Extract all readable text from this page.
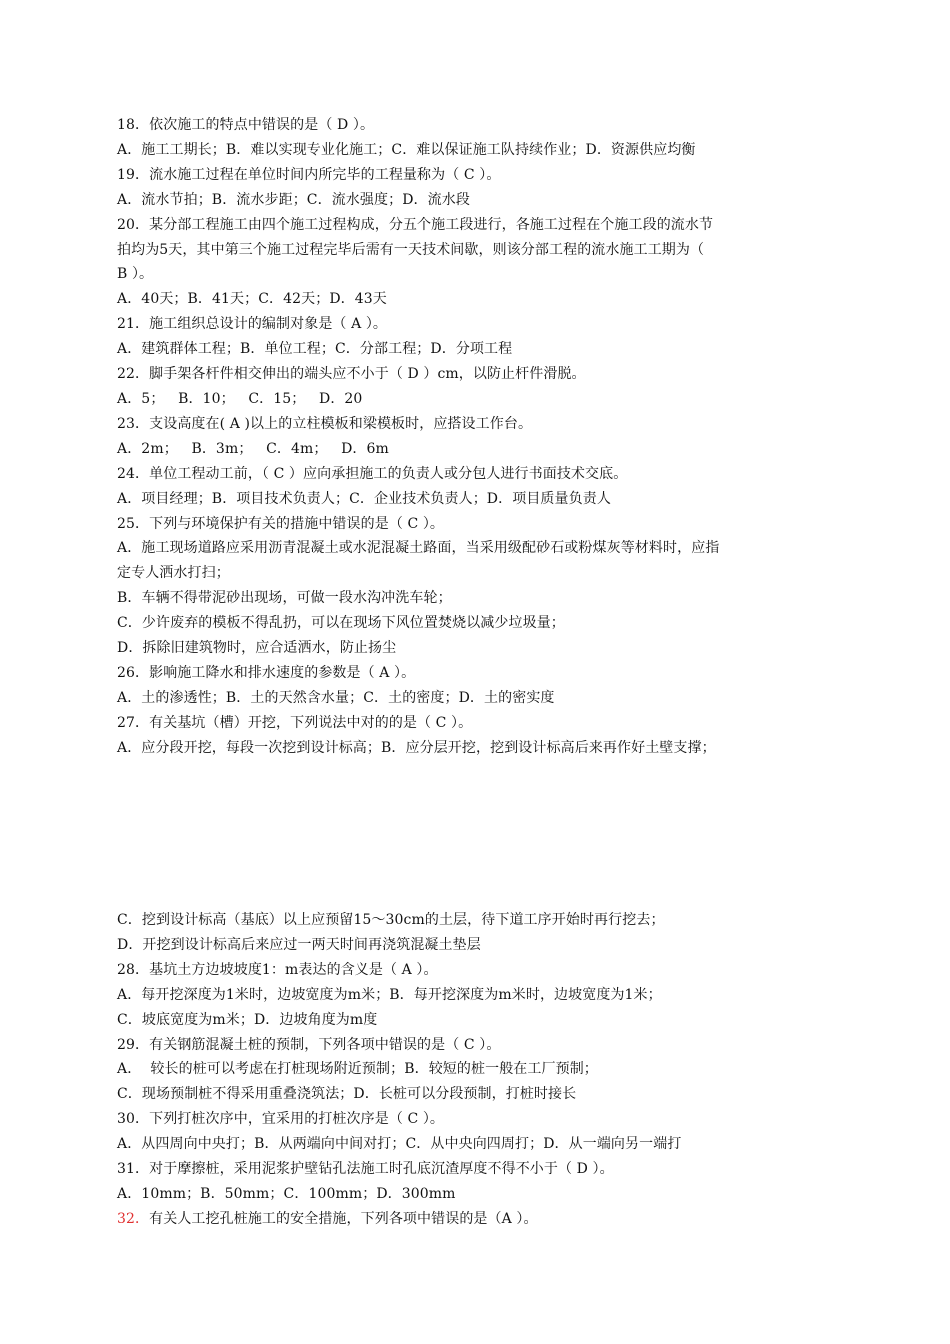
18．依次施工的特点中错误的是（ D ）。
A．施工工期长；B．难以实现专业化施工；C．难以保证施工队持续作业；D．资源供应均衡
19．流水施工过程在单位时间内所完毕的工程量称为（ C ）。
A．流水节拍；B．流水步距；C．流水强度；D．流水段
20．某分部工程施工由四个施工过程构成，分五个施工段进行，各施工过程在个施工段的流水节
拍均为5天，其中第三个施工过程完毕后需有一天技术间歇，则该分部工程的流水施工工期为（
B ）。
A．40天；B．41天；C．42天；D．43天
21．施工组织总设计的编制对象是（ A ）。
A．建筑群体工程；B．单位工程；C．分部工程；D．分项工程
22．脚手架各杆件相交伸出的端头应不小于（ D ）cm，以防止杆件滑脱。
A．5；   B．10；   C．15；   D．20
23．支设高度在( A )以上的立柱模板和梁模板时，应搭设工作台。
A．2m；   B．3m；   C．4m；   D．6m
24．单位工程动工前，（ C ）应向承担施工的负责人或分包人进行书面技术交底。
A．项目经理；B．项目技术负责人；C．企业技术负责人；D．项目质量负责人
25．下列与环境保护有关的措施中错误的是（ C ）。
A．施工现场道路应采用沥青混凝土或水泥混凝土路面，当采用级配砂石或粉煤灰等材料时，应指
定专人洒水打扫；
B．车辆不得带泥砂出现场，可做一段水沟冲洗车轮；
C．少许废弃的模板不得乱扔，可以在现场下风位置焚烧以减少垃圾量；
D．拆除旧建筑物时，应合适洒水，防止扬尘
26．影响施工降水和排水速度的参数是（ A ）。
A．土的渗透性；B．土的天然含水量；C．土的密度；D．土的密实度
27．有关基坑（槽）开挖，下列说法中对的的是（ C ）。
A．应分段开挖，每段一次挖到设计标高；B．应分层开挖，挖到设计标高后来再作好土壁支撑；
C．挖到设计标高（基底）以上应预留15～30cm的土层，待下道工序开始时再行挖去；
D．开挖到设计标高后来应过一两天时间再浇筑混凝土垫层
28．基坑土方边坡坡度1：m表达的含义是（ A ）。
A．每开挖深度为1米时，边坡宽度为m米；B．每开挖深度为m米时，边坡宽度为1米；
C．坡底宽度为m米；D．边坡角度为m度
29．有关钢筋混凝土桩的预制，下列各项中错误的是（ C ）。
A．  较长的桩可以考虑在打桩现场附近预制；B．较短的桩一般在工厂预制；
C．现场预制桩不得采用重叠浇筑法；D．长桩可以分段预制，打桩时接长
30．下列打桩次序中，宜采用的打桩次序是（ C ）。
A．从四周向中央打；B．从两端向中间对打；C．从中央向四周打；D．从一端向另一端打
31．对于摩擦桩，采用泥浆护壁钻孔法施工时孔底沉渣厚度不得不小于（ D ）。
A．10mm；B．50mm；C．100mm；D．300mm
32．有关人工挖孔桩施工的安全措施，下列各项中错误的是（A ）。
